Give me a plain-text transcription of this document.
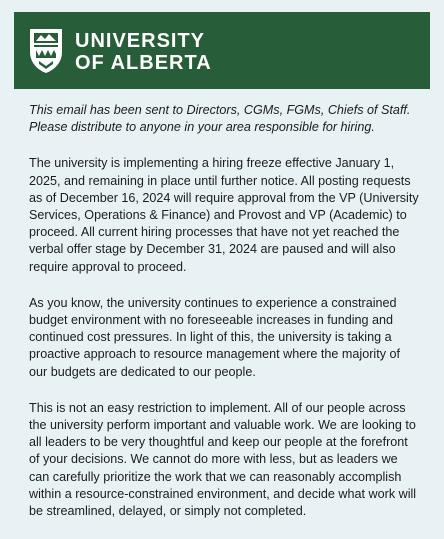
UNIVERSITY
OF ALBERTA

This email has been sent to Directors, CGMs, FGMs, Chiefs of Staff. Please distribute to anyone in your area responsible for hiring.

The university is implementing a hiring freeze effective January 1, 2025, and remaining in place until further notice. All posting requests as of December 16, 2024 will require approval from the VP (University Services, Operations & Finance) and Provost and VP (Academic) to proceed. All current hiring processes that have not yet reached the verbal offer stage by December 31, 2024 are paused and will also require approval to proceed.

As you know, the university continues to experience a constrained budget environment with no foreseeable increases in funding and continued cost pressures. In light of this, the university is taking a proactive approach to resource management where the majority of our budgets are dedicated to our people.

This is not an easy restriction to implement. All of our people across the university perform important and valuable work. We are looking to all leaders to be very thoughtful and keep our people at the forefront of your decisions. We cannot do more with less, but as leaders we can carefully prioritize the work that we can reasonably accomplish within a resource-constrained environment, and decide what work will be streamlined, delayed, or simply not completed.
